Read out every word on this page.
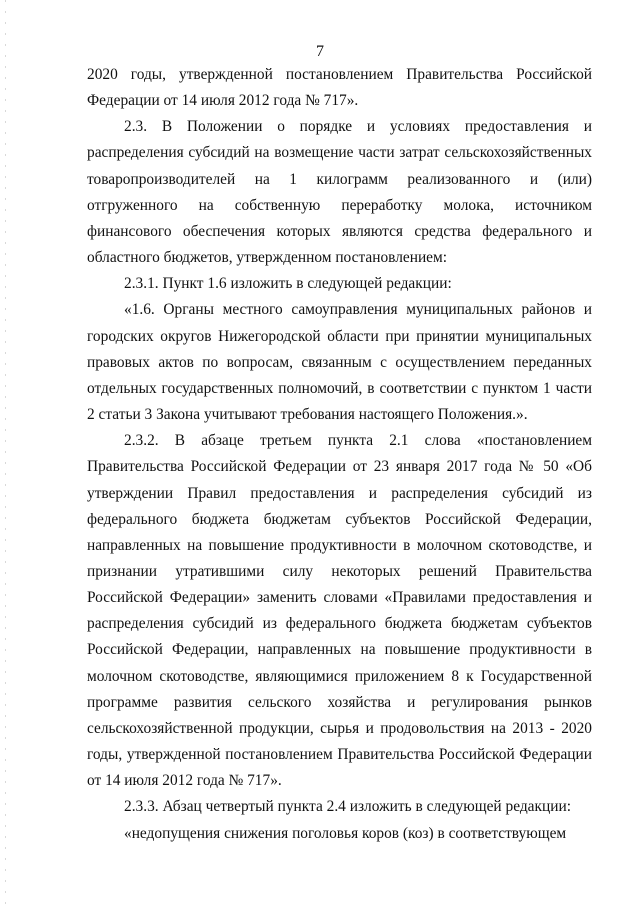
7

2020 годы, утвержденной постановлением Правительства Российской Федерации от 14 июля 2012 года № 717».

2.3. В Положении о порядке и условиях предоставления и распределения субсидий на возмещение части затрат сельскохозяйственных товаропроизводителей на 1 килограмм реализованного и (или) отгруженного на собственную переработку молока, источником финансового обеспечения которых являются средства федерального и областного бюджетов, утвержденном постановлением:

2.3.1. Пункт 1.6 изложить в следующей редакции:

«1.6. Органы местного самоуправления муниципальных районов и городских округов Нижегородской области при принятии муниципальных правовых актов по вопросам, связанным с осуществлением переданных отдельных государственных полномочий, в соответствии с пунктом 1 части 2 статьи 3 Закона учитывают требования настоящего Положения.».

2.3.2. В абзаце третьем пункта 2.1 слова «постановлением Правительства Российской Федерации от 23 января 2017 года № 50 «Об утверждении Правил предоставления и распределения субсидий из федерального бюджета бюджетам субъектов Российской Федерации, направленных на повышение продуктивности в молочном скотоводстве, и признании утратившими силу некоторых решений Правительства Российской Федерации» заменить словами «Правилами предоставления и распределения субсидий из федерального бюджета бюджетам субъектов Российской Федерации, направленных на повышение продуктивности в молочном скотоводстве, являющимися приложением 8 к Государственной программе развития сельского хозяйства и регулирования рынков сельскохозяйственной продукции, сырья и продовольствия на 2013 - 2020 годы, утвержденной постановлением Правительства Российской Федерации от 14 июля 2012 года № 717».

2.3.3. Абзац четвертый пункта 2.4 изложить в следующей редакции:

«недопущения снижения поголовья коров (коз) в соответствующем
